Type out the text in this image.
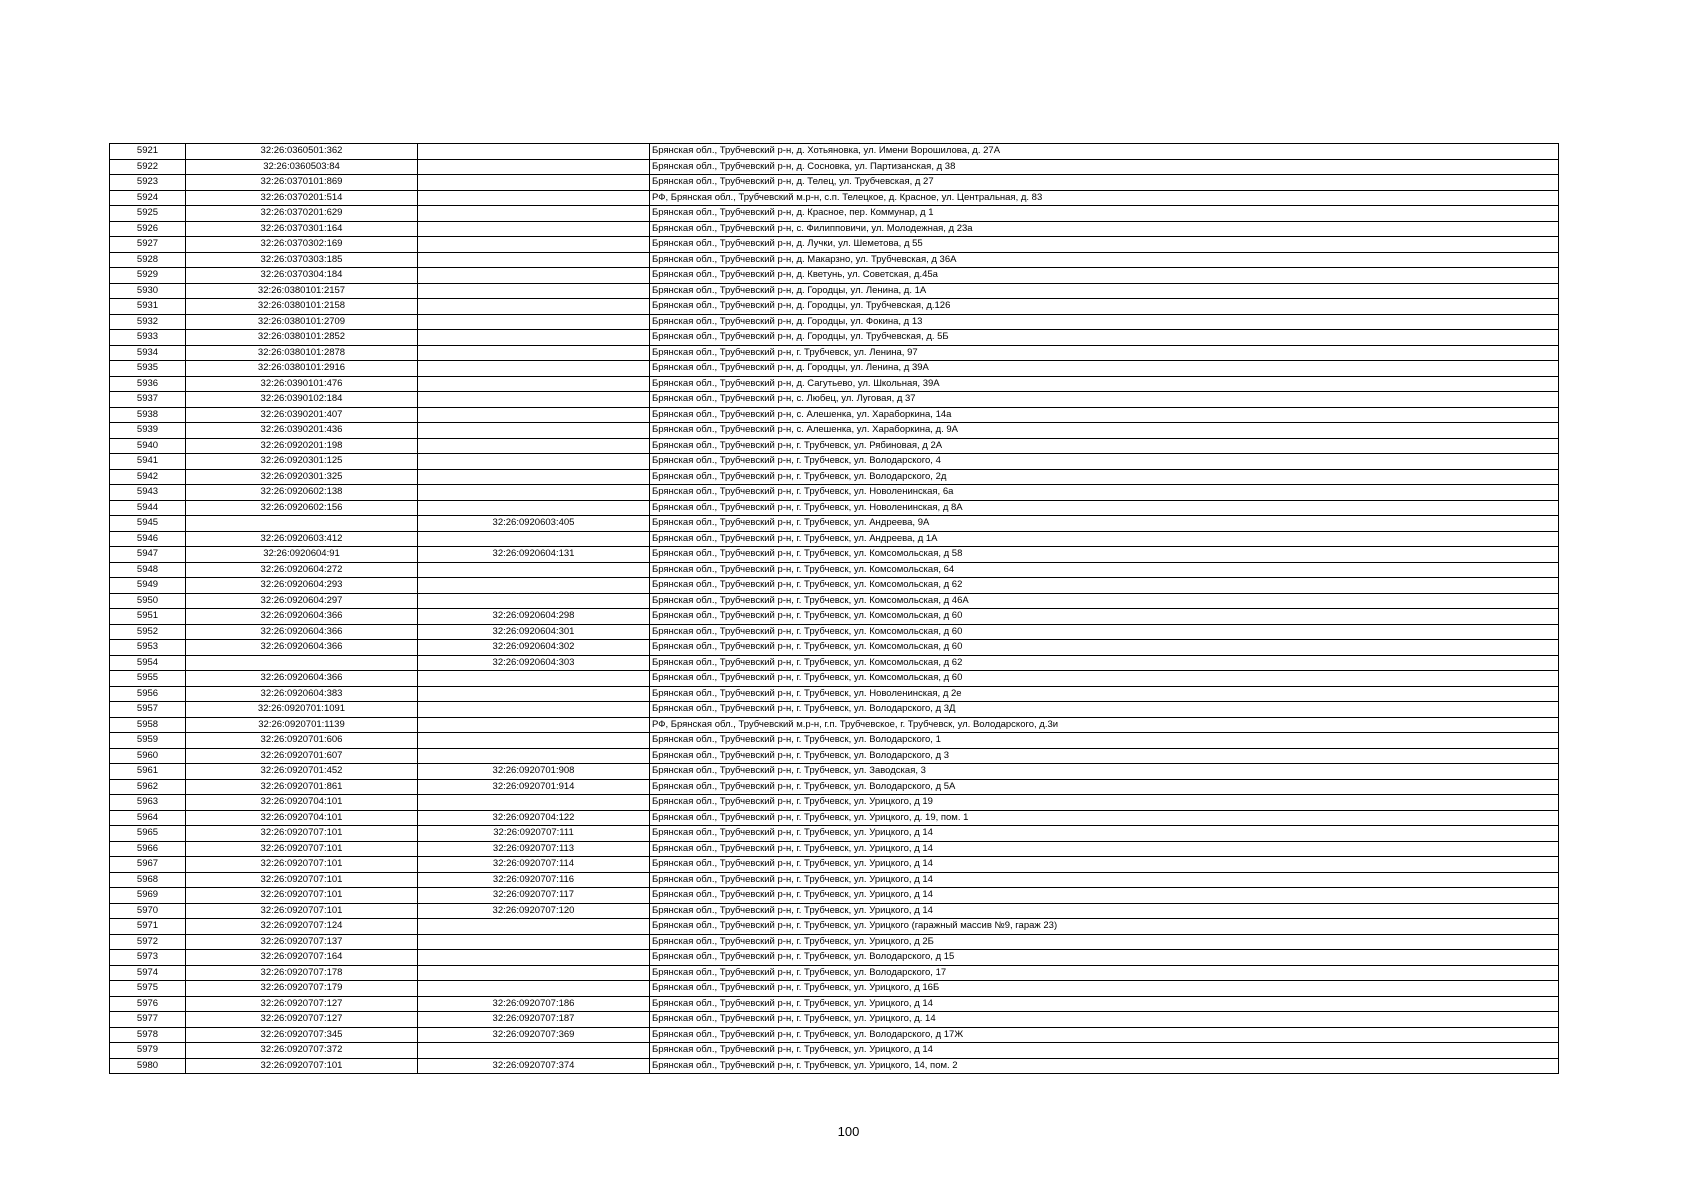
5921	32:26:0360501:362		Брянская обл., Трубчевский р-н, д. Хотьяновка, ул. Имени Ворошилова, д. 27А
5922	32:26:0360503:84		Брянская обл., Трубчевский р-н, д. Сосновка, ул. Партизанская, д 38
5923	32:26:0370101:869		Брянская обл., Трубчевский р-н, д. Телец, ул. Трубчевская, д 27
5924	32:26:0370201:514		РФ, Брянская обл., Трубчевский м.р-н, с.п. Телецкое, д. Красное, ул. Центральная, д. 83
5925	32:26:0370201:629		Брянская обл., Трубчевский р-н, д. Красное, пер. Коммунар, д 1
5926	32:26:0370301:164		Брянская обл., Трубчевский р-н, с. Филипповичи, ул. Молодежная, д 23а
5927	32:26:0370302:169		Брянская обл., Трубчевский р-н, д. Лучки, ул. Шеметова, д 55
5928	32:26:0370303:185		Брянская обл., Трубчевский р-н, д. Макарзно, ул. Трубчевская, д 36А
5929	32:26:0370304:184		Брянская обл., Трубчевский р-н, д. Кветунь, ул. Советская, д.45а
5930	32:26:0380101:2157		Брянская обл., Трубчевский р-н, д. Городцы, ул. Ленина, д. 1А
5931	32:26:0380101:2158		Брянская обл., Трубчевский р-н, д. Городцы, ул. Трубчевская, д.126
5932	32:26:0380101:2709		Брянская обл., Трубчевский р-н, д. Городцы, ул. Фокина, д 13
5933	32:26:0380101:2852		Брянская обл., Трубчевский р-н, д. Городцы, ул. Трубчевская, д. 5Б
5934	32:26:0380101:2878		Брянская обл., Трубчевский р-н, г. Трубчевск, ул. Ленина, 97
5935	32:26:0380101:2916		Брянская обл., Трубчевский р-н, д. Городцы, ул. Ленина, д 39А
5936	32:26:0390101:476		Брянская обл., Трубчевский р-н, д. Сагутьево, ул. Школьная, 39А
5937	32:26:0390102:184		Брянская обл., Трубчевский р-н, с. Любец, ул. Луговая, д 37
5938	32:26:0390201:407		Брянская обл., Трубчевский р-н, с. Алешенка, ул. Хараборкина, 14а
5939	32:26:0390201:436		Брянская обл., Трубчевский р-н, с. Алешенка, ул. Хараборкина, д. 9А
5940	32:26:0920201:198		Брянская обл., Трубчевский р-н, г. Трубчевск, ул. Рябиновая, д 2А
5941	32:26:0920301:125		Брянская обл., Трубчевский р-н, г. Трубчевск, ул. Володарского, 4
5942	32:26:0920301:325		Брянская обл., Трубчевский р-н, г. Трубчевск, ул. Володарского, 2д
5943	32:26:0920602:138		Брянская обл., Трубчевский р-н, г. Трубчевск, ул. Новоленинская, 6а
5944	32:26:0920602:156		Брянская обл., Трубчевский р-н, г. Трубчевск, ул. Новоленинская, д 8А
5945		32:26:0920603:405	Брянская обл., Трубчевский р-н, г. Трубчевск, ул. Андреева, 9А
5946	32:26:0920603:412		Брянская обл., Трубчевский р-н, г. Трубчевск, ул. Андреева, д 1А
5947	32:26:0920604:91	32:26:0920604:131	Брянская обл., Трубчевский р-н, г. Трубчевск, ул. Комсомольская, д 58
5948	32:26:0920604:272		Брянская обл., Трубчевский р-н, г. Трубчевск, ул. Комсомольская, 64
5949	32:26:0920604:293		Брянская обл., Трубчевский р-н, г. Трубчевск, ул. Комсомольская, д 62
5950	32:26:0920604:297		Брянская обл., Трубчевский р-н, г. Трубчевск, ул. Комсомольская, д 46А
5951	32:26:0920604:366	32:26:0920604:298	Брянская обл., Трубчевский р-н, г. Трубчевск, ул. Комсомольская, д 60
5952	32:26:0920604:366	32:26:0920604:301	Брянская обл., Трубчевский р-н, г. Трубчевск, ул. Комсомольская, д 60
5953	32:26:0920604:366	32:26:0920604:302	Брянская обл., Трубчевский р-н, г. Трубчевск, ул. Комсомольская, д 60
5954		32:26:0920604:303	Брянская обл., Трубчевский р-н, г. Трубчевск, ул. Комсомольская, д 62
5955	32:26:0920604:366		Брянская обл., Трубчевский р-н, г. Трубчевск, ул. Комсомольская, д 60
5956	32:26:0920604:383		Брянская обл., Трубчевский р-н, г. Трубчевск, ул. Новоленинская, д 2е
5957	32:26:0920701:1091		Брянская обл., Трубчевский р-н, г. Трубчевск, ул. Володарского, д 3Д
5958	32:26:0920701:1139		РФ, Брянская обл., Трубчевский м.р-н, г.п. Трубчевское, г. Трубчевск, ул. Володарского, д.3и
5959	32:26:0920701:606		Брянская обл., Трубчевский р-н, г. Трубчевск, ул. Володарского, 1
5960	32:26:0920701:607		Брянская обл., Трубчевский р-н, г. Трубчевск, ул. Володарского, д 3
5961	32:26:0920701:452	32:26:0920701:908	Брянская обл., Трубчевский р-н, г. Трубчевск, ул. Заводская, 3
5962	32:26:0920701:861	32:26:0920701:914	Брянская обл., Трубчевский р-н, г. Трубчевск, ул. Володарского, д 5А
5963	32:26:0920704:101		Брянская обл., Трубчевский р-н, г. Трубчевск, ул. Урицкого, д 19
5964	32:26:0920704:101	32:26:0920704:122	Брянская обл., Трубчевский р-н, г. Трубчевск, ул. Урицкого, д. 19, пом. 1
5965	32:26:0920707:101	32:26:0920707:111	Брянская обл., Трубчевский р-н, г. Трубчевск, ул. Урицкого, д 14
5966	32:26:0920707:101	32:26:0920707:113	Брянская обл., Трубчевский р-н, г. Трубчевск, ул. Урицкого, д 14
5967	32:26:0920707:101	32:26:0920707:114	Брянская обл., Трубчевский р-н, г. Трубчевск, ул. Урицкого, д 14
5968	32:26:0920707:101	32:26:0920707:116	Брянская обл., Трубчевский р-н, г. Трубчевск, ул. Урицкого, д 14
5969	32:26:0920707:101	32:26:0920707:117	Брянская обл., Трубчевский р-н, г. Трубчевск, ул. Урицкого, д 14
5970	32:26:0920707:101	32:26:0920707:120	Брянская обл., Трубчевский р-н, г. Трубчевск, ул. Урицкого, д 14
5971	32:26:0920707:124		Брянская обл., Трубчевский р-н, г. Трубчевск, ул. Урицкого (гаражный массив №9, гараж 23)
5972	32:26:0920707:137		Брянская обл., Трубчевский р-н, г. Трубчевск, ул. Урицкого, д 2Б
5973	32:26:0920707:164		Брянская обл., Трубчевский р-н, г. Трубчевск, ул. Володарского, д 15
5974	32:26:0920707:178		Брянская обл., Трубчевский р-н, г. Трубчевск, ул. Володарского, 17
5975	32:26:0920707:179		Брянская обл., Трубчевский р-н, г. Трубчевск, ул. Урицкого, д 16Б
5976	32:26:0920707:127	32:26:0920707:186	Брянская обл., Трубчевский р-н, г. Трубчевск, ул. Урицкого, д 14
5977	32:26:0920707:127	32:26:0920707:187	Брянская обл., Трубчевский р-н, г. Трубчевск, ул. Урицкого, д. 14
5978	32:26:0920707:345	32:26:0920707:369	Брянская обл., Трубчевский р-н, г. Трубчевск, ул. Володарского, д 17Ж
5979	32:26:0920707:372		Брянская обл., Трубчевский р-н, г. Трубчевск, ул. Урицкого, д 14
5980	32:26:0920707:101	32:26:0920707:374	Брянская обл., Трубчевский р-н, г. Трубчевск, ул. Урицкого, 14, пом. 2
100
